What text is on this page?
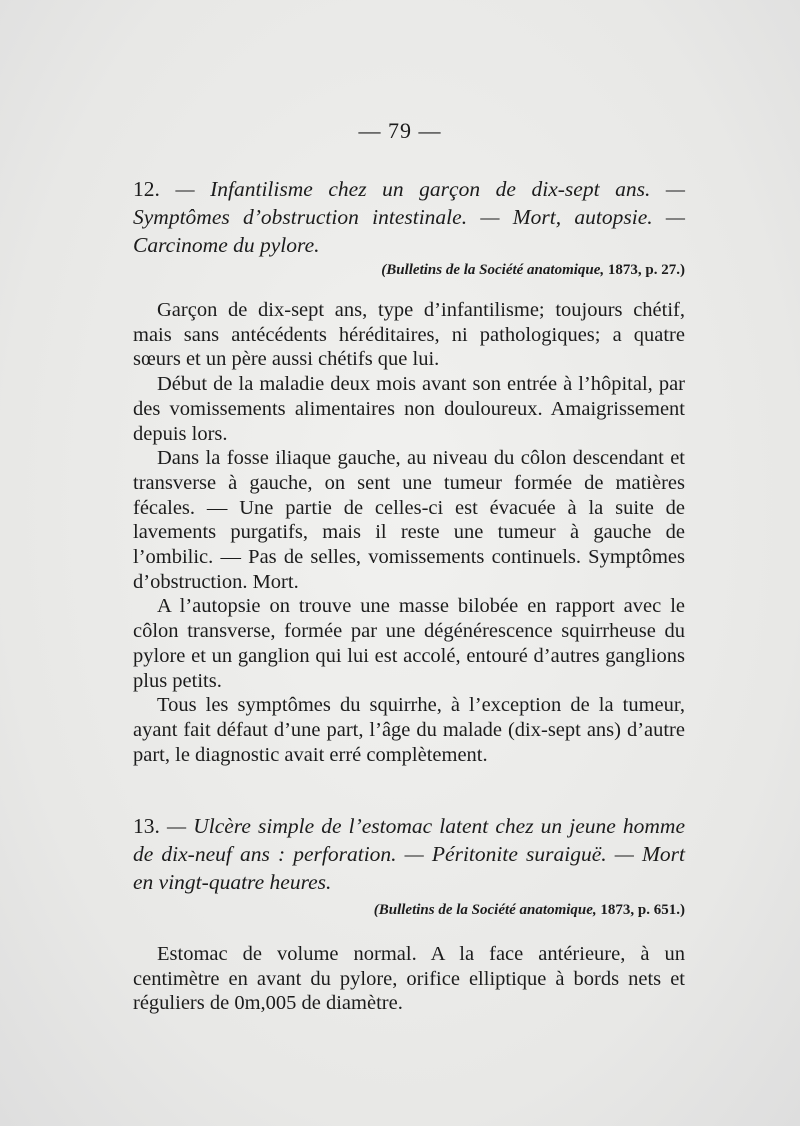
— 79 —
12. — Infantilisme chez un garçon de dix-sept ans. — Symptômes d’obstruction intestinale. — Mort, autopsie. — Carcinome du pylore.
(Bulletins de la Société anatomique, 1873, p. 27.)

Garçon de dix-sept ans, type d’infantilisme; toujours chétif, mais sans antécédents héréditaires, ni pathologiques; a quatre sœurs et un père aussi chétifs que lui.

Début de la maladie deux mois avant son entrée à l’hôpital, par des vomissements alimentaires non douloureux. Amaigrissement depuis lors.

Dans la fosse iliaque gauche, au niveau du côlon descendant et transverse à gauche, on sent une tumeur formée de matières fécales. — Une partie de celles-ci est évacuée à la suite de lavements purgatifs, mais il reste une tumeur à gauche de l’ombilic. — Pas de selles, vomissements continuels. Symptômes d’obstruction. Mort.

A l’autopsie on trouve une masse bilobée en rapport avec le côlon transverse, formée par une dégénérescence squirrheuse du pylore et un ganglion qui lui est accolé, entouré d’autres ganglions plus petits.

Tous les symptômes du squirrhe, à l’exception de la tumeur, ayant fait défaut d’une part, l’âge du malade (dix-sept ans) d’autre part, le diagnostic avait erré complètement.

13. — Ulcère simple de l’estomac latent chez un jeune homme de dix-neuf ans : perforation. — Péritonite suraiguë. — Mort en vingt-quatre heures.
(Bulletins de la Société anatomique, 1873, p. 651.)

Estomac de volume normal. A la face antérieure, à un centimètre en avant du pylore, orifice elliptique à bords nets et réguliers de 0m,005 de diamètre.
